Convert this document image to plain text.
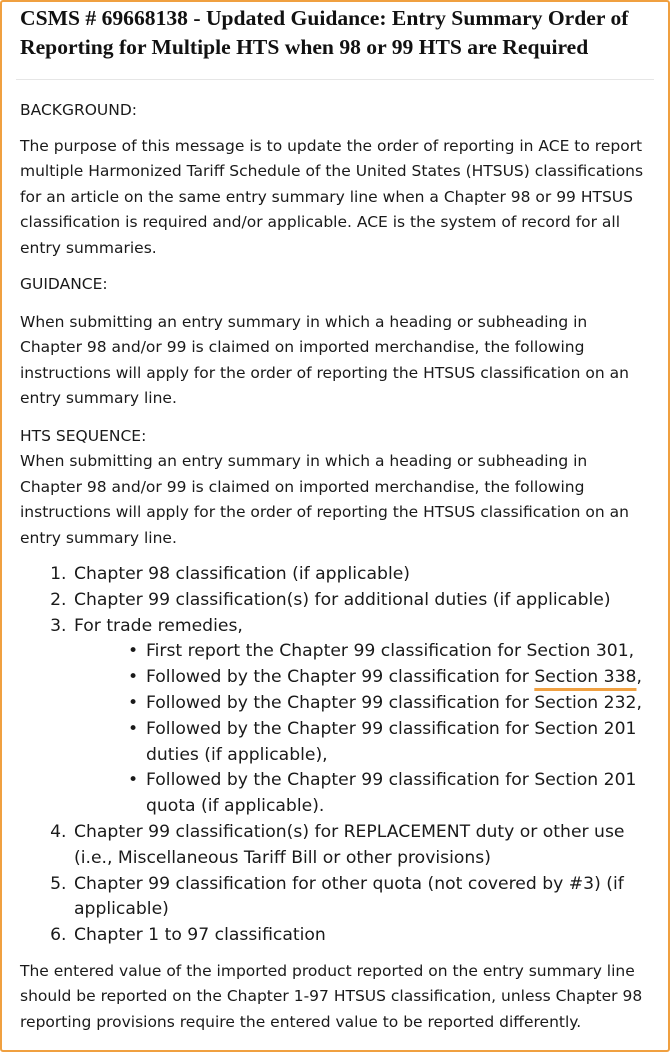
CSMS # 69668138 - Updated Guidance: Entry Summary Order of Reporting for Multiple HTS when 98 or 99 HTS are Required

BACKGROUND:

The purpose of this message is to update the order of reporting in ACE to report multiple Harmonized Tariff Schedule of the United States (HTSUS) classifications for an article on the same entry summary line when a Chapter 98 or 99 HTSUS classification is required and/or applicable. ACE is the system of record for all entry summaries.

GUIDANCE:

When submitting an entry summary in which a heading or subheading in Chapter 98 and/or 99 is claimed on imported merchandise, the following instructions will apply for the order of reporting the HTSUS classification on an entry summary line.

HTS SEQUENCE:

When submitting an entry summary in which a heading or subheading in Chapter 98 and/or 99 is claimed on imported merchandise, the following instructions will apply for the order of reporting the HTSUS classification on an entry summary line.

1. Chapter 98 classification (if applicable)
2. Chapter 99 classification(s) for additional duties (if applicable)
3. For trade remedies,
• First report the Chapter 99 classification for Section 301,
• Followed by the Chapter 99 classification for Section 338,
• Followed by the Chapter 99 classification for Section 232,
• Followed by the Chapter 99 classification for Section 201 duties (if applicable),
• Followed by the Chapter 99 classification for Section 201 quota (if applicable).
4. Chapter 99 classification(s) for REPLACEMENT duty or other use (i.e., Miscellaneous Tariff Bill or other provisions)
5. Chapter 99 classification for other quota (not covered by #3) (if applicable)
6. Chapter 1 to 97 classification

The entered value of the imported product reported on the entry summary line should be reported on the Chapter 1-97 HTSUS classification, unless Chapter 98 reporting provisions require the entered value to be reported differently.
